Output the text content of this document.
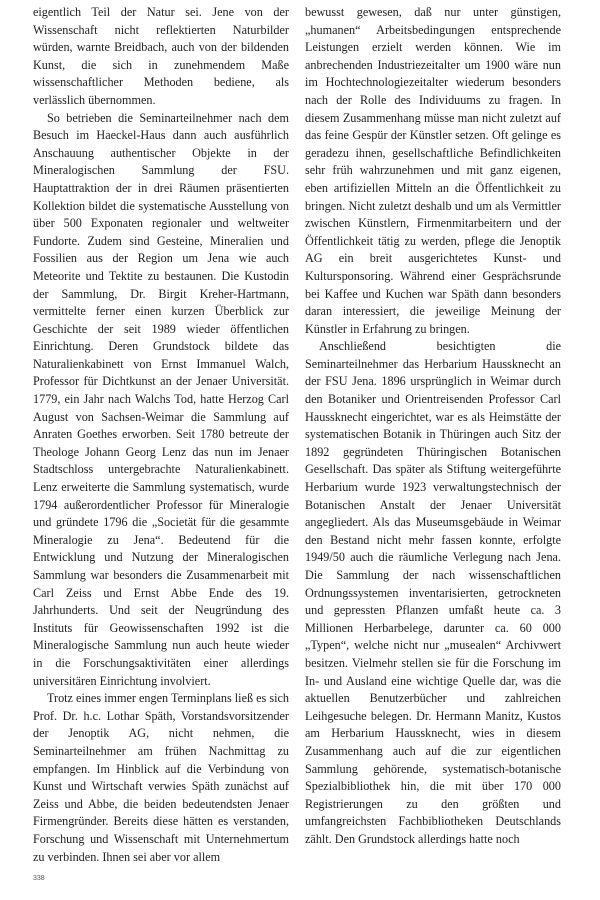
eigentlich Teil der Natur sei. Jene von der Wissenschaft nicht reflektierten Naturbilder würden, warnte Breidbach, auch von der bildenden Kunst, die sich in zunehmendem Maße wissenschaftlicher Methoden bediene, als verlässlich übernommen.

So betrieben die Seminarteilnehmer nach dem Besuch im Haeckel-Haus dann auch ausführlich Anschauung authentischer Objekte in der Mineralogischen Sammlung der FSU. Hauptattraktion der in drei Räumen präsentierten Kollektion bildet die systematische Ausstellung von über 500 Exponaten regionaler und weltweiter Fundorte. Zudem sind Gesteine, Mineralien und Fossilien aus der Region um Jena wie auch Meteorite und Tektite zu bestaunen. Die Kustodin der Sammlung, Dr. Birgit Kreher-Hartmann, vermittelte ferner einen kurzen Überblick zur Geschichte der seit 1989 wieder öffentlichen Einrichtung. Deren Grundstock bildete das Naturalienkabinett von Ernst Immanuel Walch, Professor für Dichtkunst an der Jenaer Universität. 1779, ein Jahr nach Walchs Tod, hatte Herzog Carl August von Sachsen-Weimar die Sammlung auf Anraten Goethes erworben. Seit 1780 betreute der Theologe Johann Georg Lenz das nun im Jenaer Stadtschloss untergebrachte Naturalienkabinett. Lenz erweiterte die Sammlung systematisch, wurde 1794 außerordentlicher Professor für Mineralogie und gründete 1796 die „Societät für die gesammte Mineralogie zu Jena“. Bedeutend für die Entwicklung und Nutzung der Mineralogischen Sammlung war besonders die Zusammenarbeit mit Carl Zeiss und Ernst Abbe Ende des 19. Jahrhunderts. Und seit der Neugründung des Instituts für Geowissenschaften 1992 ist die Mineralogische Sammlung nun auch heute wieder in die Forschungsaktivitäten einer allerdings universitären Einrichtung involviert.

Trotz eines immer engen Terminplans ließ es sich Prof. Dr. h.c. Lothar Späth, Vorstandsvorsitzender der Jenoptik AG, nicht nehmen, die Seminarteilnehmer am frühen Nachmittag zu empfangen. Im Hinblick auf die Verbindung von Kunst und Wirtschaft verwies Späth zunächst auf Zeiss und Abbe, die beiden bedeutendsten Jenaer Firmengründer. Bereits diese hätten es verstanden, Forschung und Wissenschaft mit Unternehmertum zu verbinden. Ihnen sei aber vor allem

bewusst gewesen, daß nur unter günstigen, „humanen“ Arbeitsbedingungen entsprechende Leistungen erzielt werden können. Wie im anbrechenden Industriezeitalter um 1900 wäre nun im Hochtechnologiezeitalter wiederum besonders nach der Rolle des Individuums zu fragen. In diesem Zusammenhang müsse man nicht zuletzt auf das feine Gespür der Künstler setzen. Oft gelinge es geradezu ihnen, gesellschaftliche Befindlichkeiten sehr früh wahrzunehmen und mit ganz eigenen, eben artifiziellen Mitteln an die Öffentlichkeit zu bringen. Nicht zuletzt deshalb und um als Vermittler zwischen Künstlern, Firmenmitarbeitern und der Öffentlichkeit tätig zu werden, pflege die Jenoptik AG ein breit ausgerichtetes Kunst- und Kultursponsoring. Während einer Gesprächsrunde bei Kaffee und Kuchen war Späth dann besonders daran interessiert, die jeweilige Meinung der Künstler in Erfahrung zu bringen.

Anschließend besichtigten die Seminarteilnehmer das Herbarium Haussknecht an der FSU Jena. 1896 ursprünglich in Weimar durch den Botaniker und Orientreisenden Professor Carl Haussknecht eingerichtet, war es als Heimstätte der systematischen Botanik in Thüringen auch Sitz der 1892 gegründeten Thüringischen Botanischen Gesellschaft. Das später als Stiftung weitergeführte Herbarium wurde 1923 verwaltungstechnisch der Botanischen Anstalt der Jenaer Universität angegliedert. Als das Museumsgebäude in Weimar den Bestand nicht mehr fassen konnte, erfolgte 1949/50 auch die räumliche Verlegung nach Jena. Die Sammlung der nach wissenschaftlichen Ordnungssystemen inventarisierten, getrockneten und gepressten Pflanzen umfaßt heute ca. 3 Millionen Herbarbelege, darunter ca. 60 000 „Typen“, welche nicht nur „musealen“ Archivwert besitzen. Vielmehr stellen sie für die Forschung im In- und Ausland eine wichtige Quelle dar, was die aktuellen Benutzerbücher und zahlreichen Leihgesuche belegen. Dr. Hermann Manitz, Kustos am Herbarium Haussknecht, wies in diesem Zusammenhang auch auf die zur eigentlichen Sammlung gehörende, systematisch-botanische Spezialbibliothek hin, die mit über 170 000 Registrierungen zu den größten und umfangreichsten Fachbibliotheken Deutschlands zählt. Den Grundstock allerdings hatte noch

338
